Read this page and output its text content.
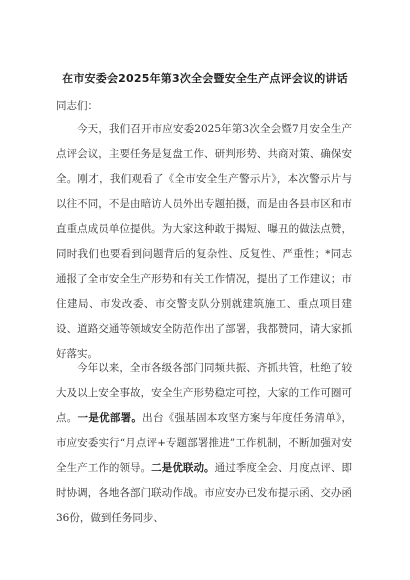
在市安委会2025年第3次全会暨安全生产点评会议的讲话
同志们：

今天，我们召开市应安委2025年第3次全会暨7月安全生产点评会议，主要任务是复盘工作、研判形势、共商对策、确保安全。刚才，我们观看了《全市安全生产警示片》，本次警示片与以往不同，不是由暗访人员外出专题拍摄，而是由各县市区和市直重点成员单位提供。为大家这种敢于揭短、曝丑的做法点赞，同时我们也要看到问题背后的复杂性、反复性、严重性；*同志通报了全市安全生产形势和有关工作情况，提出了工作建议；市住建局、市发改委、市交警支队分别就建筑施工、重点项目建设、道路交通等领域安全防范作出了部署，我都赞同，请大家抓好落实。

今年以来，全市各级各部门同频共振、齐抓共管，杜绝了较大及以上安全事故，安全生产形势稳定可控，大家的工作可圈可点。一是优部署。出台《强基固本攻坚方案与年度任务清单》，市应安委实行“月点评+专题部署推进”工作机制，不断加强对安全生产工作的领导。二是优联动。通过季度全会、月度点评、即时协调，各地各部门联动作战。市应安办已发布提示函、交办函36份，做到任务同步、
